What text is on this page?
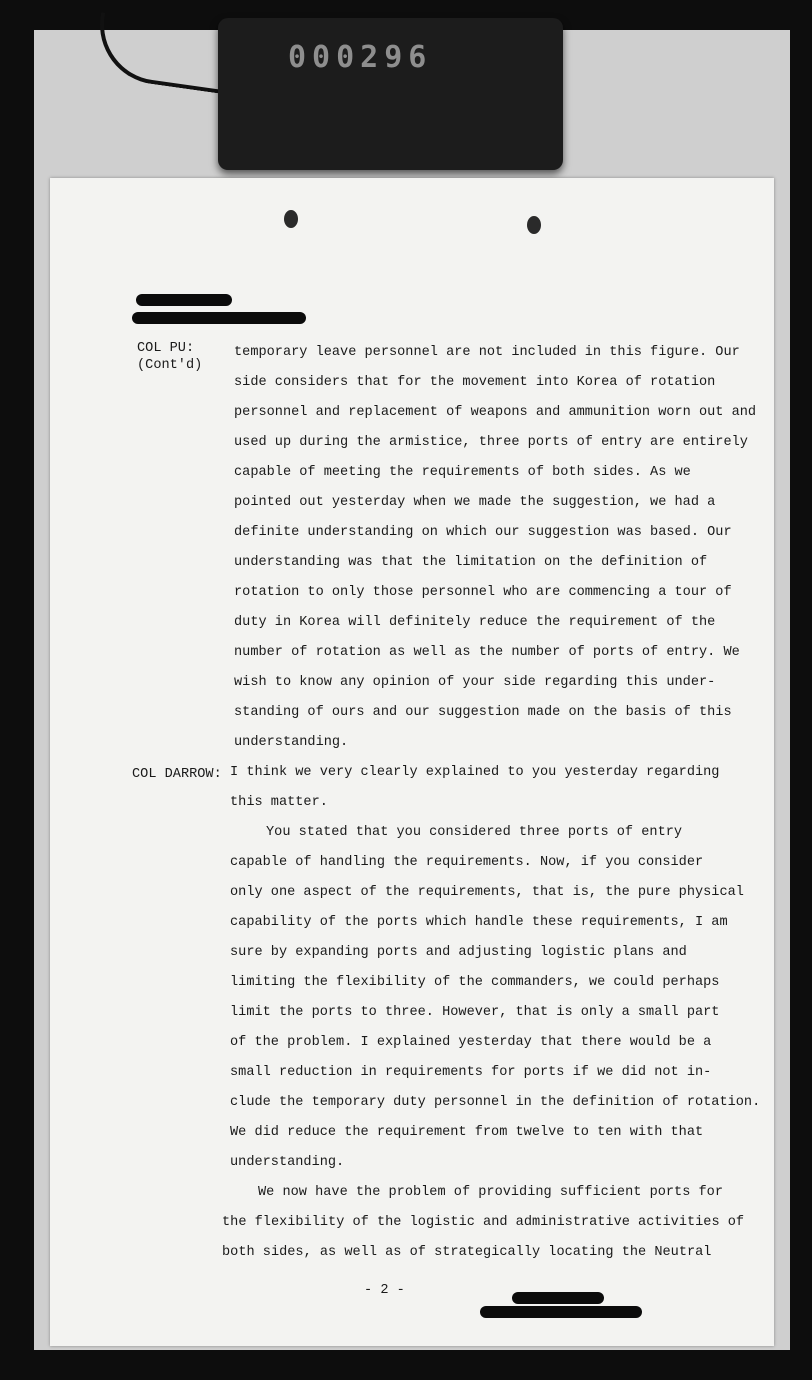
000296
COL PU:
(Cont'd)
temporary leave personnel are not included in this figure. Our
side considers that for the movement into Korea of rotation
personnel and replacement of weapons and ammunition worn out and
used up during the armistice, three ports of entry are entirely
capable of meeting the requirements of both sides. As we
pointed out yesterday when we made the suggestion, we had a
definite understanding on which our suggestion was based. Our
understanding was that the limitation on the definition of
rotation to only those personnel who are commencing a tour of
duty in Korea will definitely reduce the requirement of the
number of rotation as well as the number of ports of entry. We
wish to know any opinion of your side regarding this under-
standing of ours and our suggestion made on the basis of this
understanding.
COL DARROW: I think we very clearly explained to you yesterday regarding
this matter.
You stated that you considered three ports of entry
capable of handling the requirements. Now, if you consider
only one aspect of the requirements, that is, the pure physical
capability of the ports which handle these requirements, I am
sure by expanding ports and adjusting logistic plans and
limiting the flexibility of the commanders, we could perhaps
limit the ports to three. However, that is only a small part
of the problem. I explained yesterday that there would be a
small reduction in requirements for ports if we did not in-
clude the temporary duty personnel in the definition of rotation.
We did reduce the requirement from twelve to ten with that
understanding.
We now have the problem of providing sufficient ports for
the flexibility of the logistic and administrative activities of
both sides, as well as of strategically locating the Neutral
- 2 -
